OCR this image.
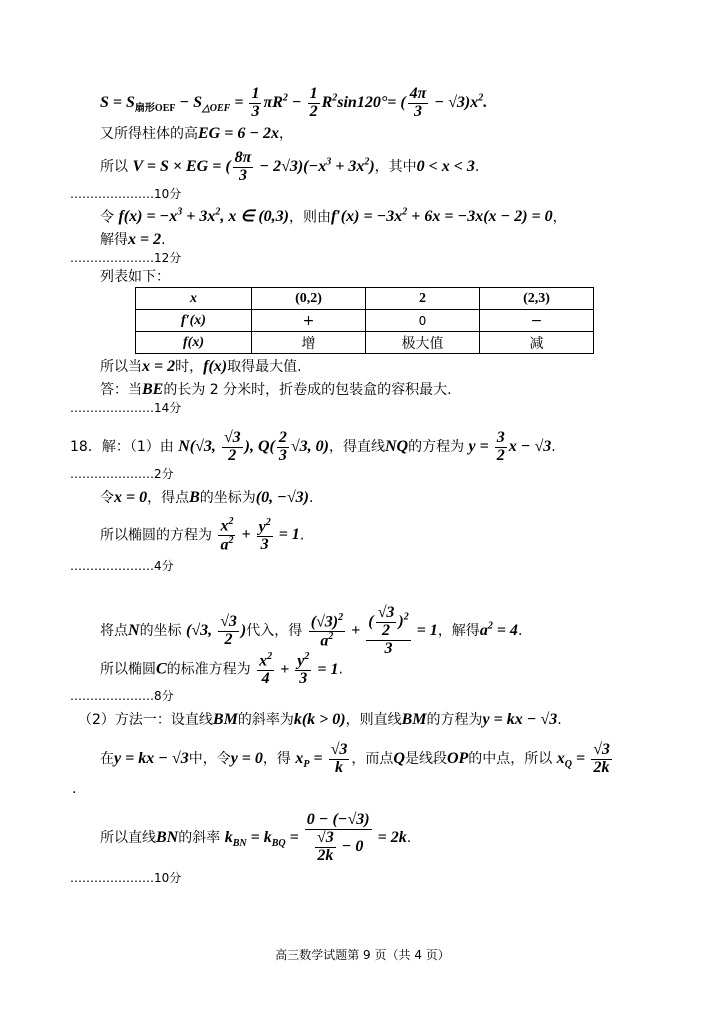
$S = S_{扇形OEF} - S_{\triangle OEF} = \frac{1}{3} \pi R^2 - \frac{1}{2} R^2\sin 120^\circ=$ ( $\frac{4\pi}{3} - √3)x^2$.
又所得柱体的高EG = 6 − 2x，
所以 V = S × EG = ( $\frac{8\pi}{3} - 2√3)(-x^3 + 3x^2)$，其中0 < x < 3.
…………………10分
令 $f(x) = -x^3 + 3x^2$, x ∈ (0,3)，则由$f'(x) = -3x^2 + 6x = -3x(x - 2) = 0$，
解得x = 2.
…………………12分
列表如下：
x	(0,2)	2	(2,3)
f′(x)	+	0	−
f(x)	增	极大值	减
所以当x = 2时，f(x)取得最大值.
答：当BE的长为 2 分米时，折卷成的包装盒的容积最大.
…………………14分
18．解：（1）由 N(√3, $\frac{√3}{2}$ ), $Q( \frac{2}{3} √3$, 0)，得直线NQ的方程为 $y = \frac{3}{2}$ x − √3.
…………………2分
令x = 0，得点B的坐标为(0, −√3).
所以椭圆的方程为 $\frac{x^2}{a^2} + \frac{y^2}{3} = 1$.
…………………4分
将点N的坐标 (√3, $\frac{√3}{2}$ )代入，得 $\frac{(√3)^2}{a^2} + \frac{( \frac{√3}{2} )^2}{3} = 1$，解得$a^2 = 4$.
所以椭圆C的标准方程为 $\frac{x^2}{4} + \frac{y^2}{3} = 1$.
…………………8分
（2）方法一：设直线BM的斜率为k(k > 0)，则直线BM的方程为y = kx − √3.
在y = kx − √3中，令y = 0，得 $x_P = \frac{√3}{k}$ ，而点Q是线段OP的中点，所以 $x_Q = \frac{√3}{2k}$
.
所以直线BN的斜率 $k_{BN} = k_{BQ} = \frac{0 - (-√3)}{\frac{√3}{2k} - 0} = 2k$.
…………………10分
高三数学试题第 9 页（共 4 页）
